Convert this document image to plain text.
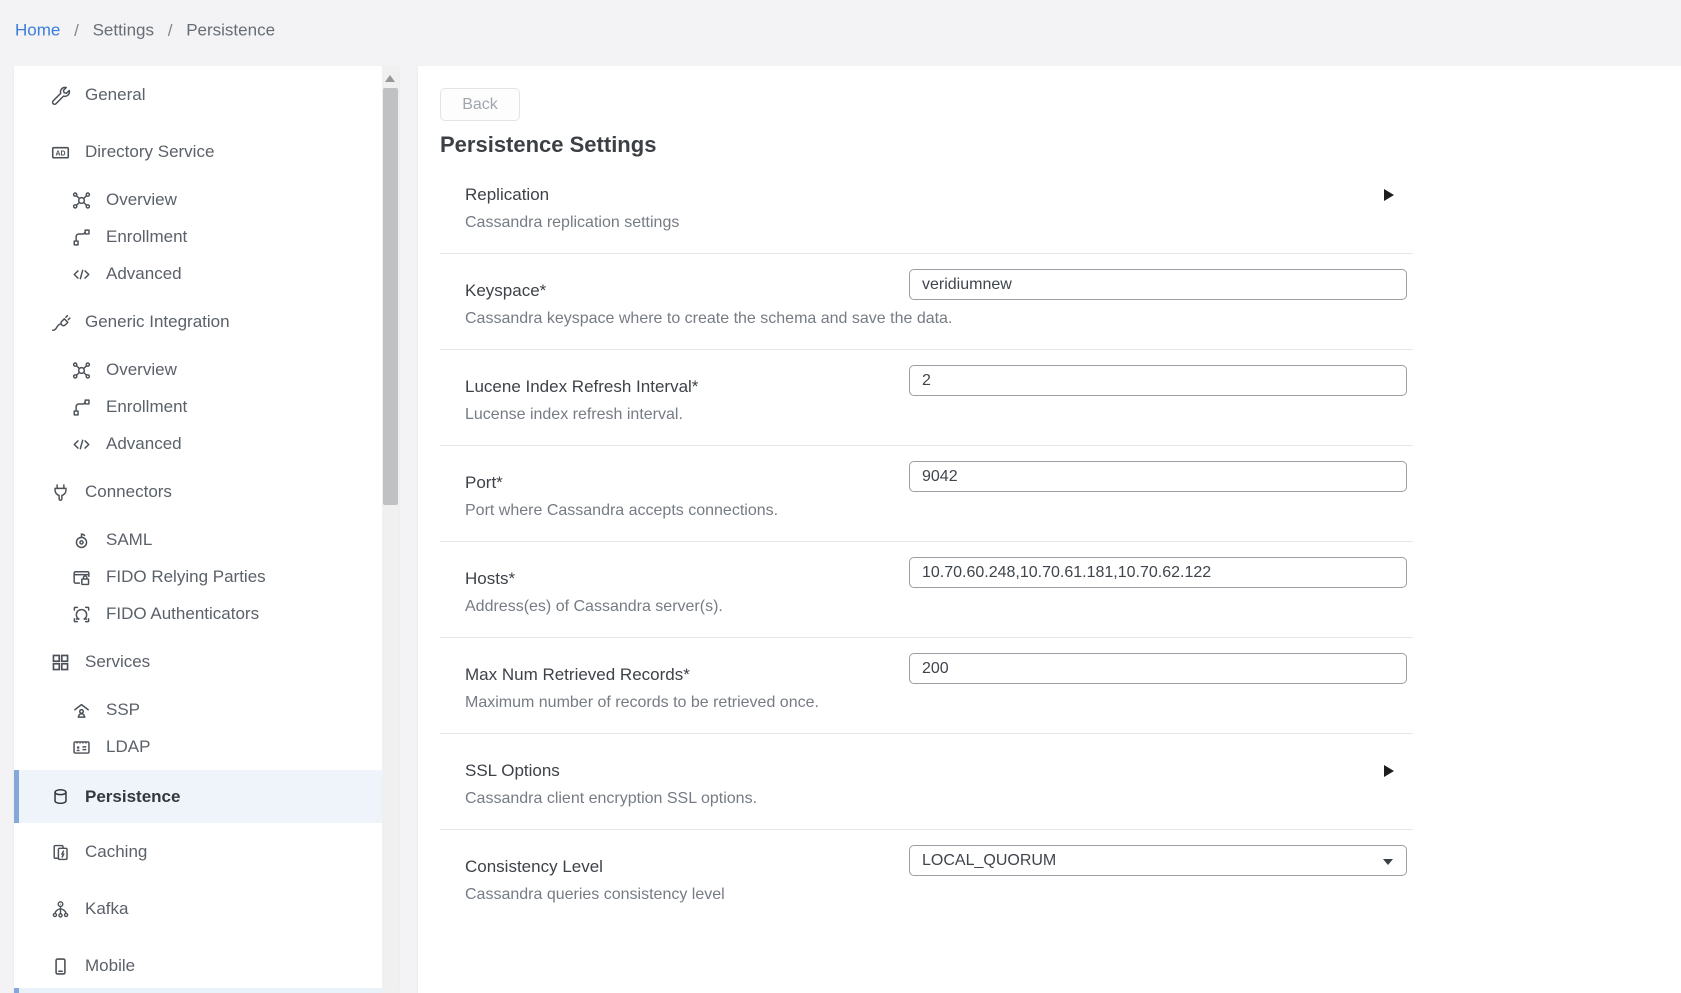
Home / Settings / Persistence
General
Directory Service
Overview
Enrollment
Advanced
Generic Integration
Overview
Enrollment
Advanced
Connectors
SAML
FIDO Relying Parties
FIDO Authenticators
Services
SSP
LDAP
Persistence
Caching
Kafka
Mobile
Back
Persistence Settings
Replication
Cassandra replication settings
Keyspace*
Cassandra keyspace where to create the schema and save the data.
veridiumnew
Lucene Index Refresh Interval*
Lucense index refresh interval.
2
Port*
Port where Cassandra accepts connections.
9042
Hosts*
Address(es) of Cassandra server(s).
10.70.60.248,10.70.61.181,10.70.62.122
Max Num Retrieved Records*
Maximum number of records to be retrieved once.
200
SSL Options
Cassandra client encryption SSL options.
Consistency Level
Cassandra queries consistency level
LOCAL_QUORUM
